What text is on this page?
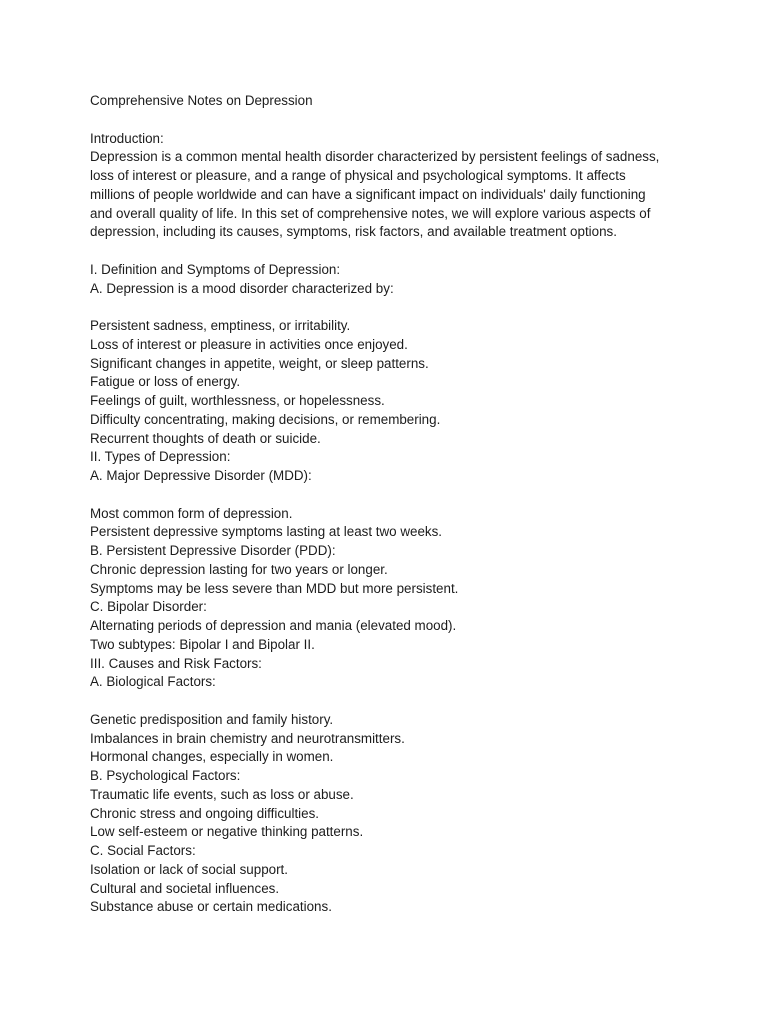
Comprehensive Notes on Depression
Introduction:
Depression is a common mental health disorder characterized by persistent feelings of sadness,
loss of interest or pleasure, and a range of physical and psychological symptoms. It affects
millions of people worldwide and can have a significant impact on individuals' daily functioning
and overall quality of life. In this set of comprehensive notes, we will explore various aspects of
depression, including its causes, symptoms, risk factors, and available treatment options.
I. Definition and Symptoms of Depression:
A. Depression is a mood disorder characterized by:
Persistent sadness, emptiness, or irritability.
Loss of interest or pleasure in activities once enjoyed.
Significant changes in appetite, weight, or sleep patterns.
Fatigue or loss of energy.
Feelings of guilt, worthlessness, or hopelessness.
Difficulty concentrating, making decisions, or remembering.
Recurrent thoughts of death or suicide.
II. Types of Depression:
A. Major Depressive Disorder (MDD):
Most common form of depression.
Persistent depressive symptoms lasting at least two weeks.
B. Persistent Depressive Disorder (PDD):
Chronic depression lasting for two years or longer.
Symptoms may be less severe than MDD but more persistent.
C. Bipolar Disorder:
Alternating periods of depression and mania (elevated mood).
Two subtypes: Bipolar I and Bipolar II.
III. Causes and Risk Factors:
A. Biological Factors:
Genetic predisposition and family history.
Imbalances in brain chemistry and neurotransmitters.
Hormonal changes, especially in women.
B. Psychological Factors:
Traumatic life events, such as loss or abuse.
Chronic stress and ongoing difficulties.
Low self-esteem or negative thinking patterns.
C. Social Factors:
Isolation or lack of social support.
Cultural and societal influences.
Substance abuse or certain medications.
